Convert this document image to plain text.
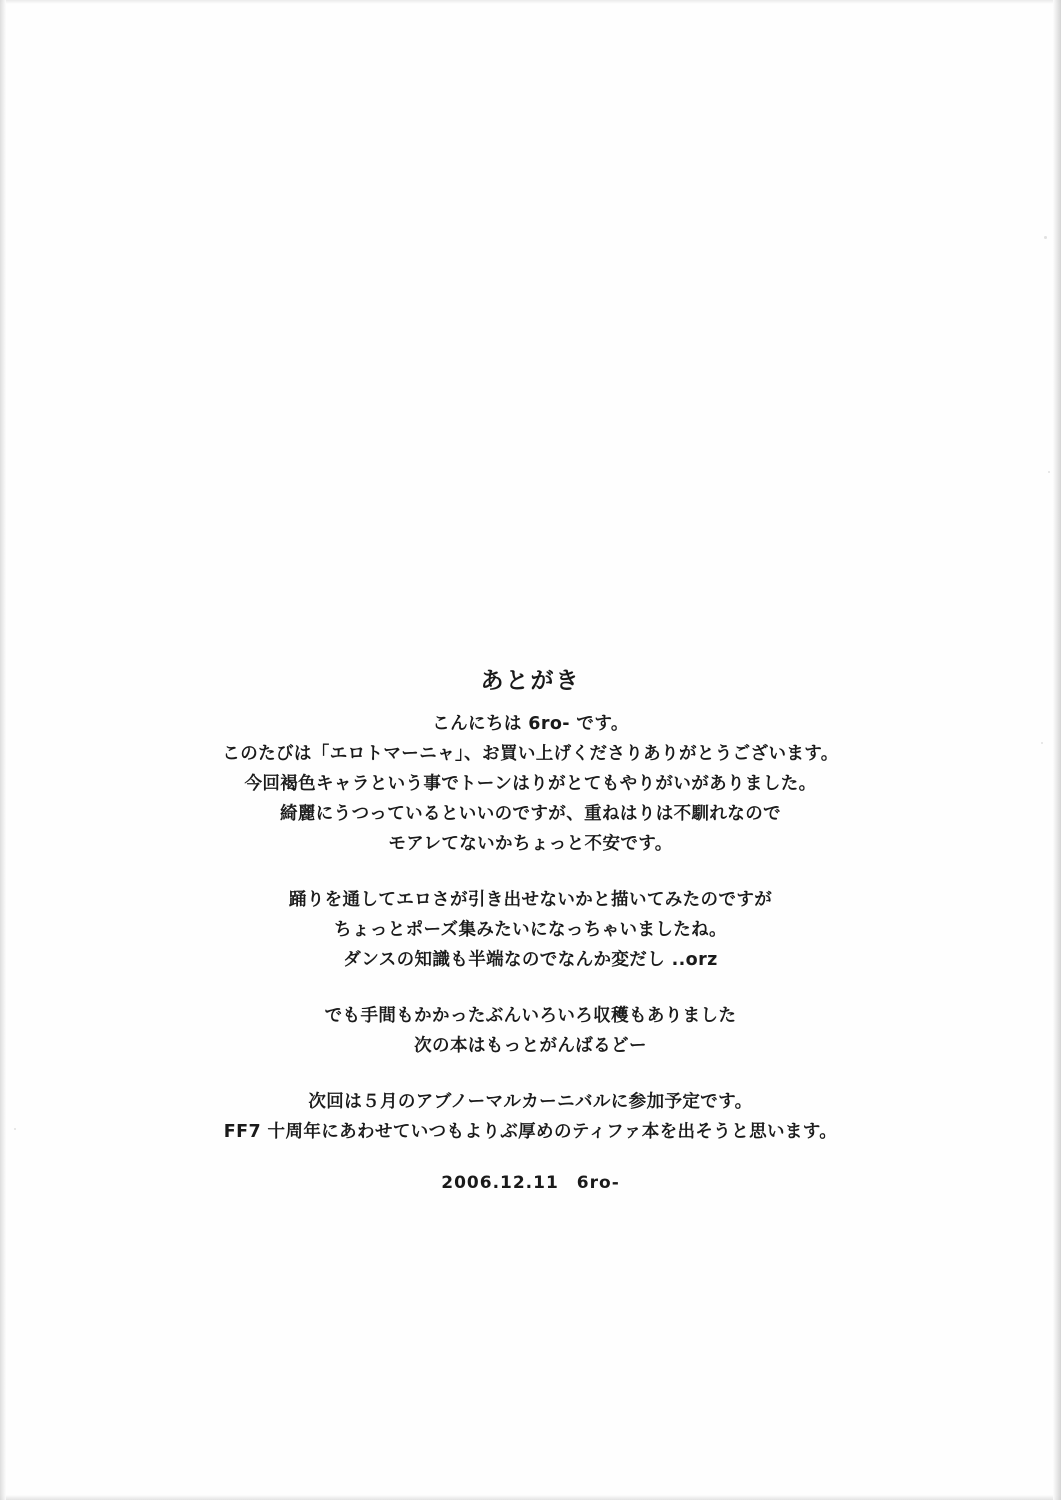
あとがき
こんにちは 6ro- です。
このたびは「エロトマーニャ」、お買い上げくださりありがとうございます。
今回褐色キャラという事でトーンはりがとてもやりがいがありました。
綺麗にうつっているといいのですが、重ねはりは不馴れなので
モアレてないかちょっと不安です。
踊りを通してエロさが引き出せないかと描いてみたのですが
ちょっとポーズ集みたいになっちゃいましたね。
ダンスの知識も半端なのでなんか変だし ..orz
でも手間もかかったぶんいろいろ収穫もありました
次の本はもっとがんばるどー
次回は５月のアブノーマルカーニバルに参加予定です。
FF7 十周年にあわせていつもよりぶ厚めのティファ本を出そうと思います。
2006.12.11 6ro-
